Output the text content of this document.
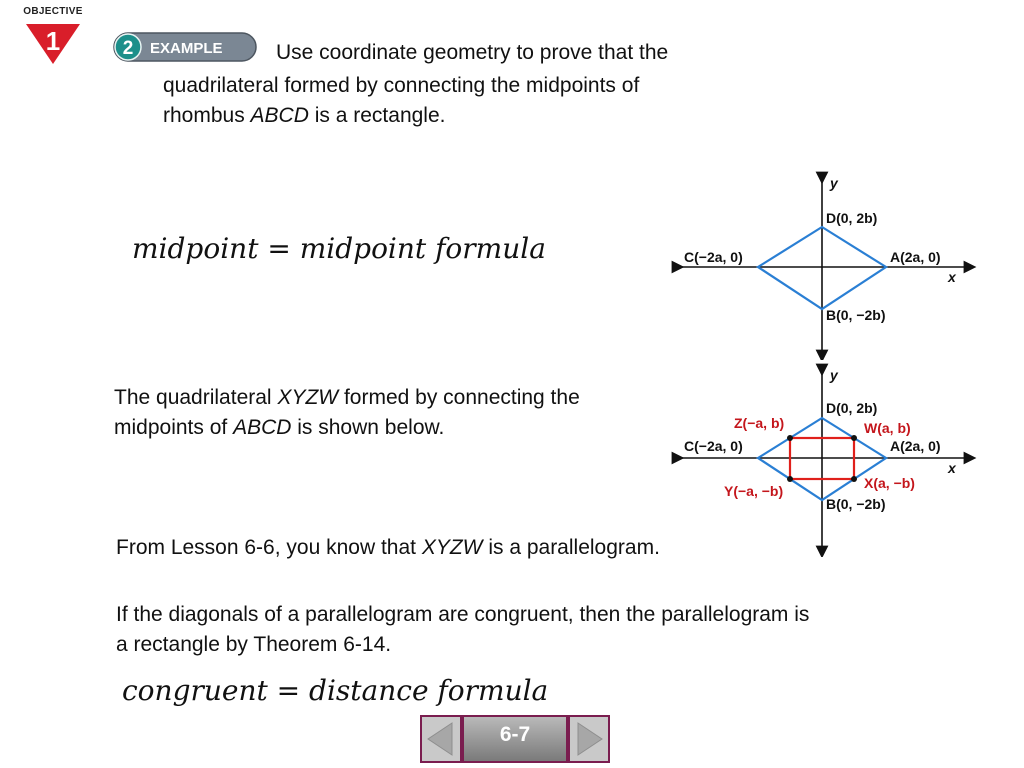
OBJECTIVE
1	2 EXAMPLE	Use coordinate geometry to prove that the
quadrilateral formed by connecting the midpoints of
rhombus ABCD is a rectangle.
midpoint = midpoint formula
y
x
D(0, 2b)
C(−2a, 0)	A(2a, 0)
B(0, −2b)
The quadrilateral XYZW formed by connecting the
midpoints of ABCD is shown below.
y
x
D(0, 2b)
C(−2a, 0)	A(2a, 0)
B(0, −2b)
Z(−a, b)	W(a, b)
Y(−a, −b)	X(a, −b)
From Lesson 6-6, you know that XYZW is a parallelogram.
If the diagonals of a parallelogram are congruent, then the parallelogram is
a rectangle by Theorem 6-14.
congruent = distance formula
6-7
